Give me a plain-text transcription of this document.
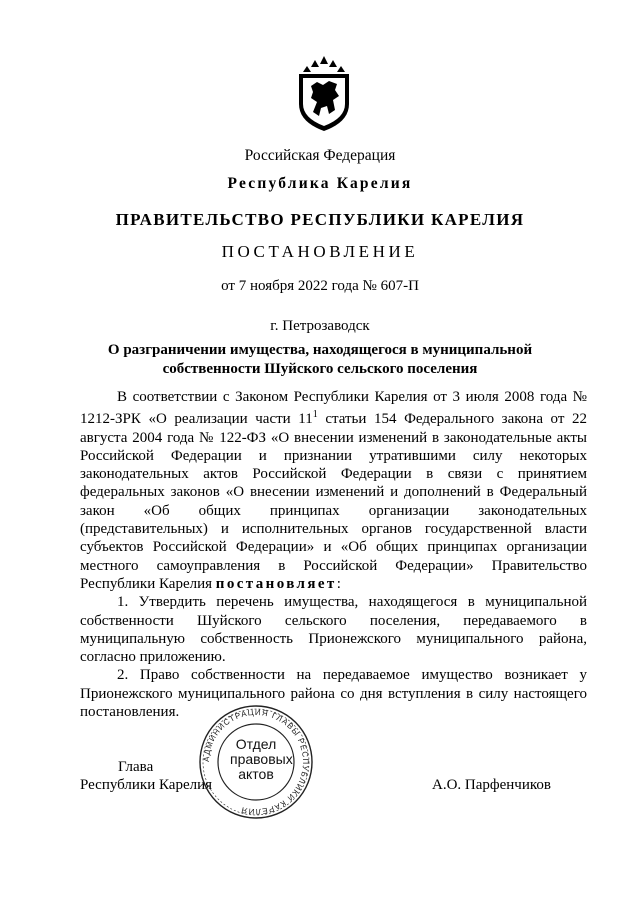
Российская Федерация
Республика Карелия
ПРАВИТЕЛЬСТВО РЕСПУБЛИКИ КАРЕЛИЯ
ПОСТАНОВЛЕНИЕ
от 7 ноября 2022 года № 607-П
г. Петрозаводск
О разграничении имущества, находящегося в муниципальной
собственности Шуйского сельского поселения

В соответствии с Законом Республики Карелия от 3 июля 2008 года № 1212-ЗРК «О реализации части $11^1$ статьи 154 Федерального закона от 22 августа 2004 года № 122-ФЗ «О внесении изменений в законодательные акты Российской Федерации и признании утратившими силу некоторых законодательных актов Российской Федерации в связи с принятием федеральных законов «О внесении изменений и дополнений в Федеральный закон «Об общих принципах организации законодательных (представительных) и исполнительных органов государственной власти субъектов Российской Федерации» и «Об общих принципах организации местного самоуправления в Российской Федерации» Правительство Республики Карелия постановляет:

1. Утвердить перечень имущества, находящегося в муниципальной собственности Шуйского сельского поселения, передаваемого в муниципальную собственность Прионежского муниципального района, согласно приложению.

2. Право собственности на передаваемое имущество возникает у Прионежского муниципального района со дня вступления в силу настоящего постановления.

Глава
Республики Карелия	А.О. Парфенчиков
АДМИНИСТРАЦИЯ ГЛАВЫ РЕСПУБЛИКИ КАРЕЛИЯ
Отдел
правовых
актов
